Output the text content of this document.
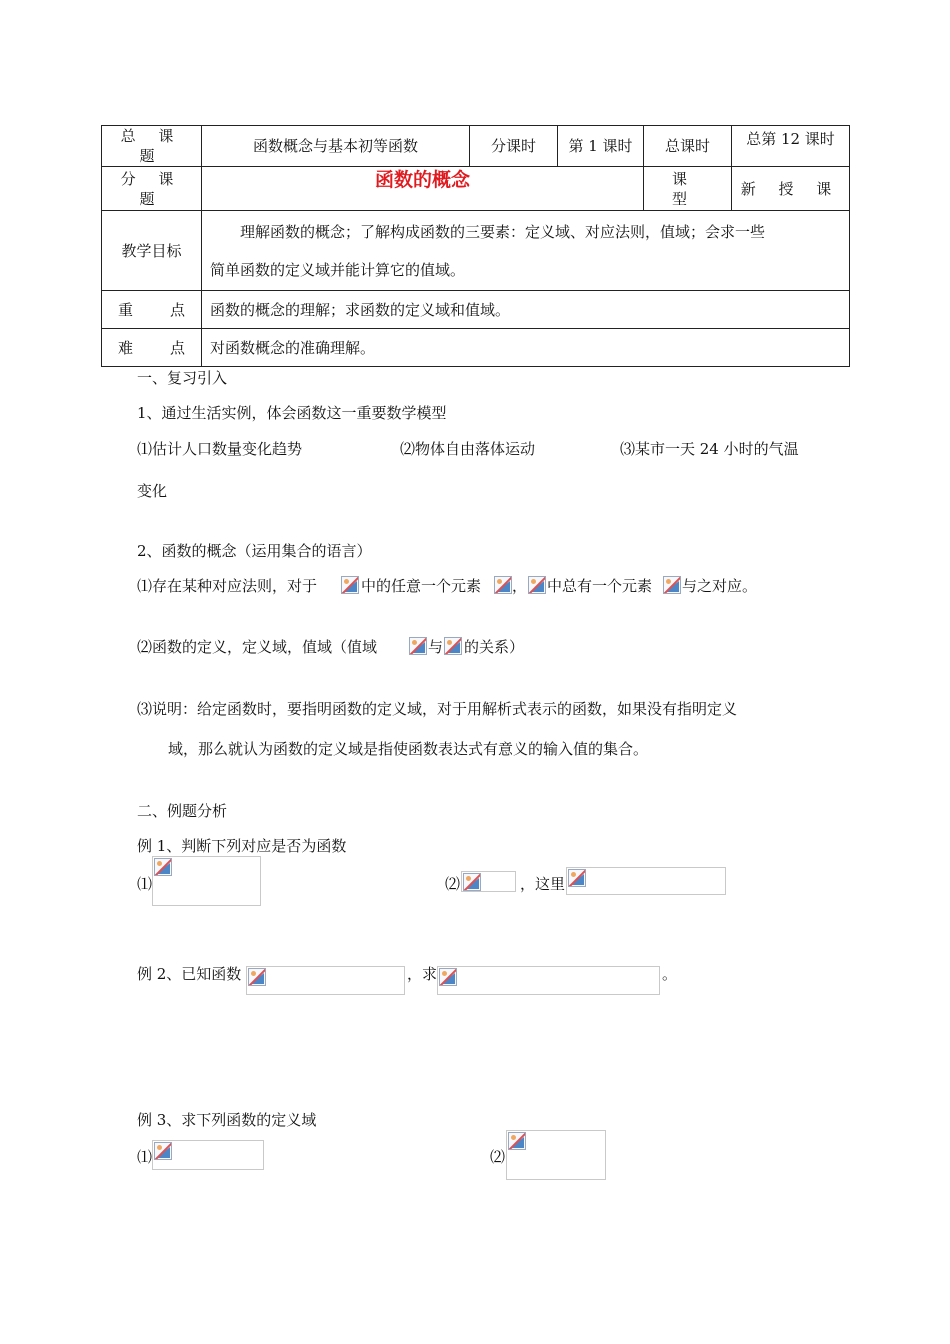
总 课 题	函数概念与基本初等函数	分课时	第 1 课时	总课时	总第 12 课时
分 课 题	函数的概念			课 型	新 授 课
教学目标	理解函数的概念；了解构成函数的三要素：定义域、对应法则，值域；会求一些
简单函数的定义域并能计算它的值域。				

重 点	函数的概念的理解；求函数的定义域和值域。				
难 点	对函数概念的准确理解。				
一、复习引入
1、通过生活实例，体会函数这一重要数学模型
⑴估计人口数量变化趋势	⑵物体自由落体运动	⑶某市一天 24 小时的气温
变化
2、函数的概念（运用集合的语言）
⑴存在某种对应法则，对于	中的任意一个元素 ， 中总有一个元素 与之对应。
⑵函数的定义，定义域，值域（值域	与 的关系）
⑶说明：给定函数时，要指明函数的定义域，对于用解析式表示的函数，如果没有指明定义
域，那么就认为函数的定义域是指使函数表达式有意义的输入值的集合。
二、例题分析
例 1、判断下列对应是否为函数
⑴	⑵	，这里
例 2、已知函数	，求	。
例 3、求下列函数的定义域
⑴	⑵
